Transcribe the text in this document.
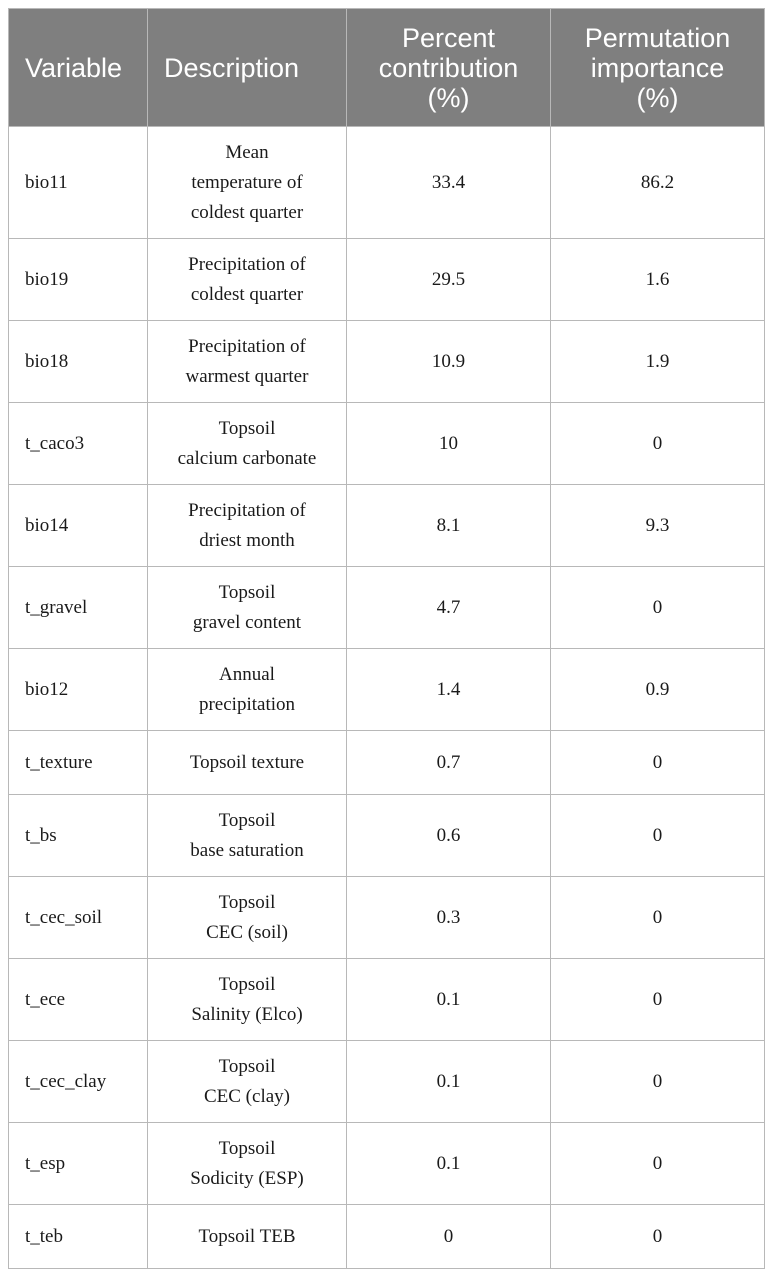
Variable	Description	Percent
contribution
(%)	Permutation
importance
(%)

bio11	Mean
temperature of
coldest quarter	33.4	86.2
bio19	Precipitation of
coldest quarter	29.5	1.6
bio18	Precipitation of
warmest quarter	10.9	1.9
t_caco3	Topsoil
calcium carbonate	10	0
bio14	Precipitation of
driest month	8.1	9.3
t_gravel	Topsoil
gravel content	4.7	0
bio12	Annual
precipitation	1.4	0.9
t_texture	Topsoil texture	0.7	0
t_bs	Topsoil
base saturation	0.6	0
t_cec_soil	Topsoil
CEC (soil)	0.3	0
t_ece	Topsoil
Salinity (Elco)	0.1	0
t_cec_clay	Topsoil
CEC (clay)	0.1	0
t_esp	Topsoil
Sodicity (ESP)	0.1	0
t_teb	Topsoil TEB	0	0
